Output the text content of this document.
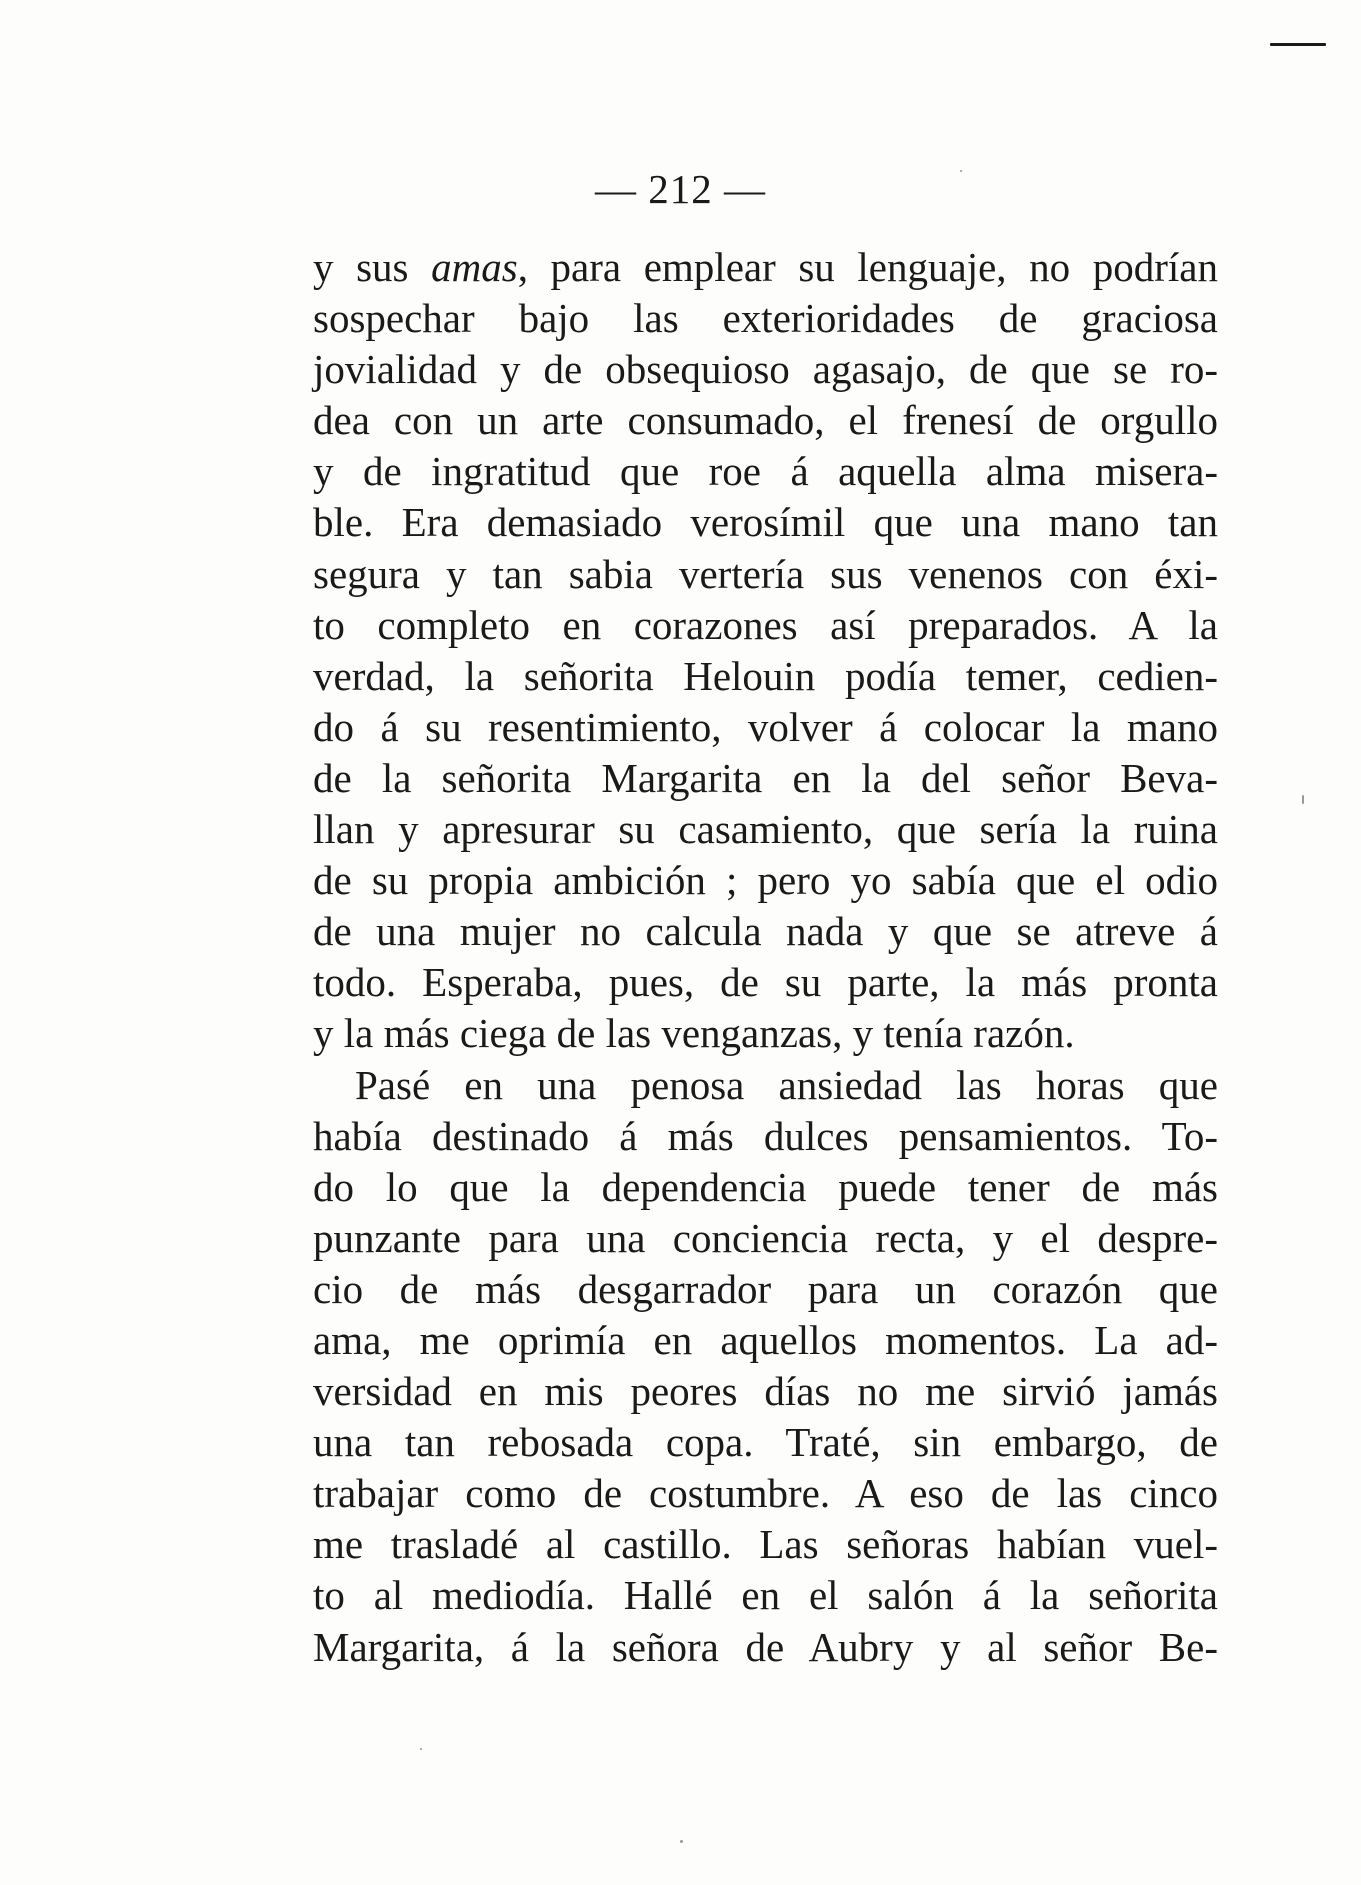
— 212 —
y sus amas, para emplear su lenguaje, no podrían
sospechar bajo las exterioridades de graciosa
jovialidad y de obsequioso agasajo, de que se ro-
dea con un arte consumado, el frenesí de orgullo
y de ingratitud que roe á aquella alma misera-
ble. Era demasiado verosímil que una mano tan
segura y tan sabia vertería sus venenos con éxi-
to completo en corazones así preparados. A la
verdad, la señorita Helouin podía temer, cedien-
do á su resentimiento, volver á colocar la mano
de la señorita Margarita en la del señor Beva-
llan y apresurar su casamiento, que sería la ruina
de su propia ambición ; pero yo sabía que el odio
de una mujer no calcula nada y que se atreve á
todo. Esperaba, pues, de su parte, la más pronta
y la más ciega de las venganzas, y tenía razón.
Pasé en una penosa ansiedad las horas que
había destinado á más dulces pensamientos. To-
do lo que la dependencia puede tener de más
punzante para una conciencia recta, y el despre-
cio de más desgarrador para un corazón que
ama, me oprimía en aquellos momentos. La ad-
versidad en mis peores días no me sirvió jamás
una tan rebosada copa. Traté, sin embargo, de
trabajar como de costumbre. A eso de las cinco
me trasladé al castillo. Las señoras habían vuel-
to al mediodía. Hallé en el salón á la señorita
Margarita, á la señora de Aubry y al señor Be-
